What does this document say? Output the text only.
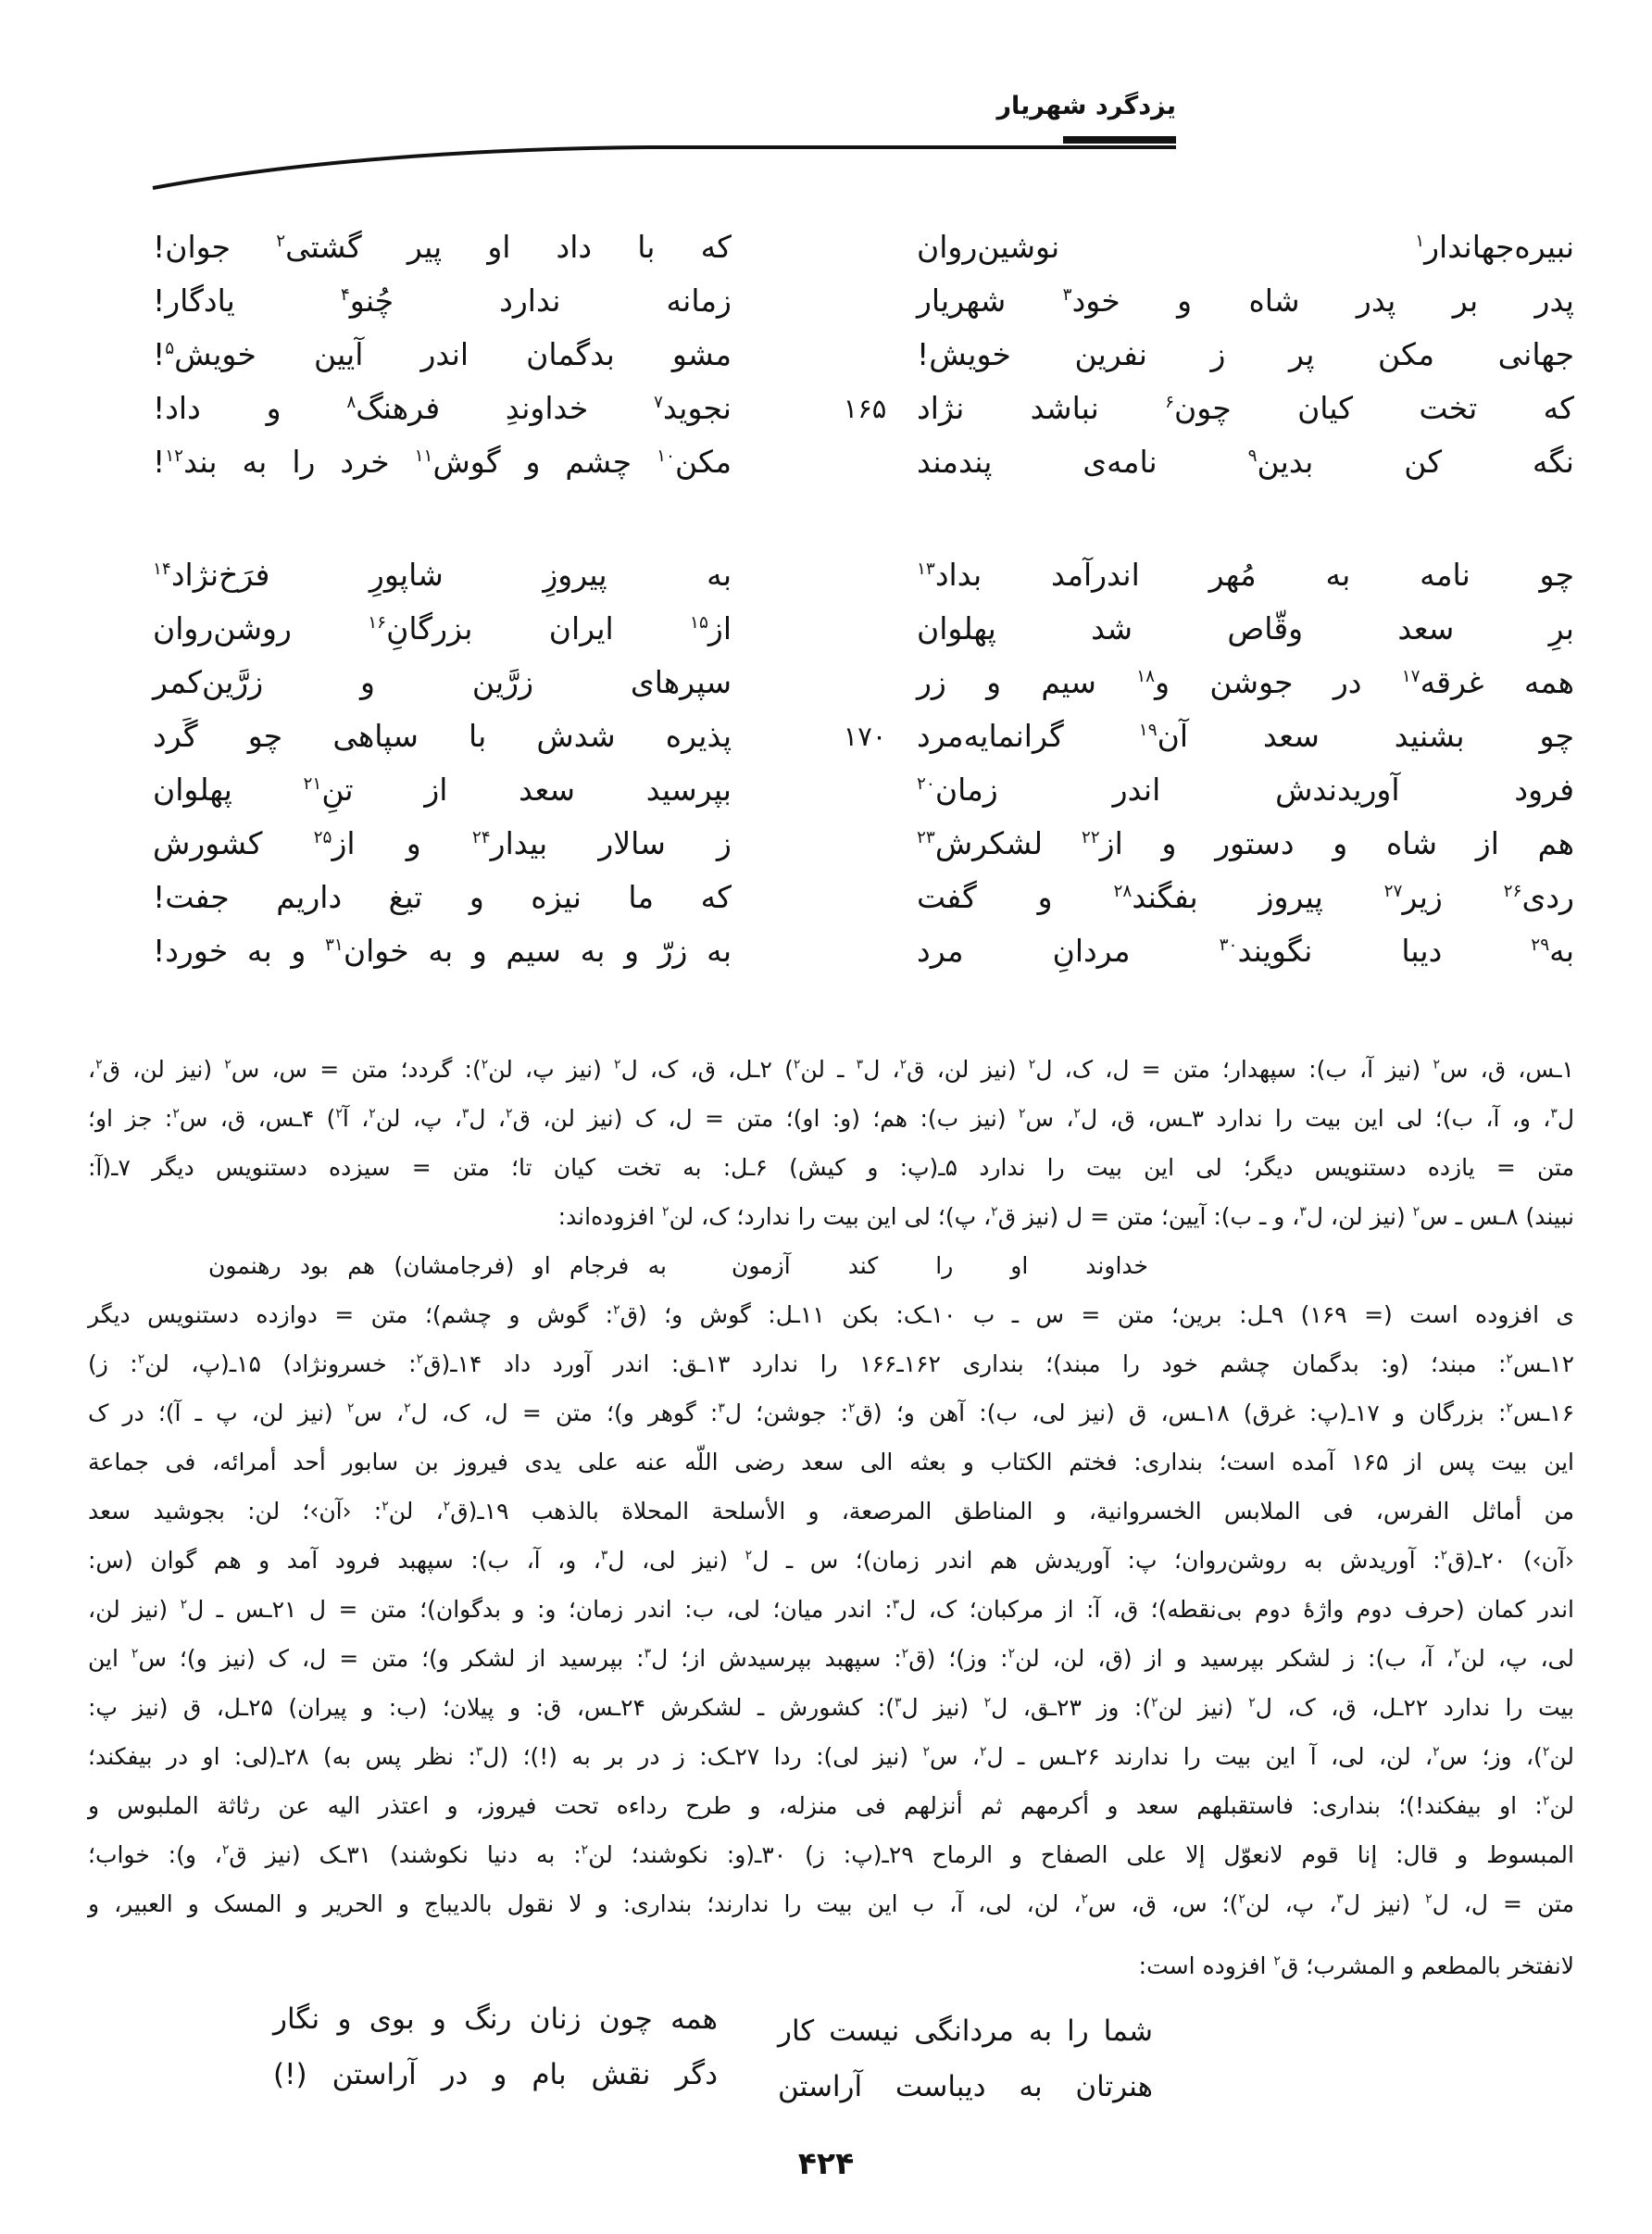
یزدگرد شهریار
نبیره‌جهاندار$^۱$ نوشین‌روان
پدر بر پدر شاه و خود$^۳$ شهریار
جهانی مکن پر ز نفرین خویش!
که تخت کیان چون$^۶$ نباشد نژاد
نگه کن بدین$^۹$ نامه‌ی پندمند
که با داد او پیر گشتی$^۲$ جوان!
زمانه ندارد چُنو$^۴$ یادگار!
مشو بدگمان اندر آیین خویش$^۵$!
نجوید$^۷$ خداوندِ فرهنگ$^۸$ و داد!
مکن$^{۱۰}$ چشم و گوش$^{۱۱}$ خرد را به بند$^{۱۲}$!
چو نامه به مُهر اندرآمد بداد$^{۱۳}$
برِ سعد وقّاص شد پهلوان
همه غرقه$^{۱۷}$ در جوشن و$^{۱۸}$ سیم و زر
چو بشنید سعد آن$^{۱۹}$ گرانمایه‌مرد
فرود آوریدندش اندر زمان$^{۲۰}$
هم از شاه و دستور و از$^{۲۲}$ لشکرش$^{۲۳}$
ردی$^{۲۶}$ زیر$^{۲۷}$ پیروز بفگند$^{۲۸}$ و گفت
به$^{۲۹}$ دیبا نگویند$^{۳۰}$ مردانِ مرد
به پیروزِ شاپورِ فرَخ‌نژاد$^{۱۴}$
از$^{۱۵}$ ایران بزرگانِ$^{۱۶}$ روشن‌روان
سپرهای زرَّین و زرَّین‌کمر
پذیره شدش با سپاهی چو گَرد
بپرسید سعد از تنِ$^{۲۱}$ پهلوان
ز سالار بیدار$^{۲۴}$ و از$^{۲۵}$ کشورش
که ما نیزه و تیغ داریم جفت!
به زرّ و به سیم و به خوان$^{۳۱}$ و به خورد!
۱۶۵
۱۷۰
۱ـس، ق، س$^۲$ (نیز آ، ب): سپهدار؛ متن = ل، ک، ل$^۲$ (نیز لن، ق$^۲$، ل$^۳$ ـ لن$^۲$) ۲ـل، ق، ک، ل$^۲$ (نیز پ، لن$^۲$): گردد؛ متن = س، س$^۲$ (نیز لن، ق$^۲$،
ل$^۳$، و، آ، ب)؛ لی این بیت را ندارد ۳ـس، ق، ل$^۲$، س$^۲$ (نیز ب): هم؛ (و: او)؛ متن = ل، ک (نیز لن، ق$^۲$، ل$^۳$، پ، لن$^۲$، آ$^۲$) ۴ـس، ق، س$^۲$: جز او؛
متن = یازده دستنویس دیگر؛ لی این بیت را ندارد ۵ـ(پ: و کیش) ۶ـل: به تخت کیان تا؛ متن = سیزده دستنویس دیگر ۷ـ(آ:
نبیند) ۸ـس ـ س$^۲$ (نیز لن، ل$^۳$، و ـ ب): آیین؛ متن = ل (نیز ق$^۲$، پ)؛ لی این بیت را ندارد؛ ک، لن$^۲$ افزوده‌اند:
خداوند او را کند آزمون
به فرجام او (فرجامشان) هم بود رهنمون
ی افزوده است (= ۱۶۹) ۹ـل: برین؛ متن = س ـ ب ۱۰ـک: بکن ۱۱ـل: گوش و؛ (ق$^۲$: گوش و چشم)؛ متن = دوازده دستنویس دیگر
۱۲ـس$^۲$: مبند؛ (و: بدگمان چشم خود را مبند)؛ بنداری ۱۶۲ـ۱۶۶ را ندارد ۱۳ـق: اندر آورد داد ۱۴ـ(ق$^۲$: خسرونژاد) ۱۵ـ(پ، لن$^۲$: ز)
۱۶ـس$^۲$: بزرگان و ۱۷ـ(پ: غرق) ۱۸ـس، ق (نیز لی، ب): آهن و؛ (ق$^۲$: جوشن؛ ل$^۳$: گوهر و)؛ متن = ل، ک، ل$^۲$، س$^۲$ (نیز لن، پ ـ آ)؛ در ک
این بیت پس از ۱۶۵ آمده است؛ بنداری: فختم الکتاب و بعثه الی سعد رضی اللّه عنه علی یدی فیروز بن سابور أحد أمرائه، فی جماعة
من أماثل الفرس، فی الملابس الخسروانیة، و المناطق المرصعة، و الأسلحة المحلاة بالذهب ۱۹ـ(ق$^۲$، لن$^۲$: ‹آن›؛ لن: بجوشید سعد
‹آن›) ۲۰ـ(ق$^۲$: آوریدش به روشن‌روان؛ پ: آوریدش هم اندر زمان)؛ س ـ ل$^۲$ (نیز لی، ل$^۳$، و، آ، ب): سپهبد فرود آمد و هم گوان (س:
اندر کمان (حرف دوم واژهٔ دوم بی‌نقطه)؛ ق، آ: از مرکبان؛ ک، ل$^۳$: اندر میان؛ لی، ب: اندر زمان؛ و: و بدگوان)؛ متن = ل ۲۱ـس ـ ل$^۲$ (نیز لن،
لی، پ، لن$^۲$، آ، ب): ز لشکر بپرسید و از (ق، لن، لن$^۲$: وز)؛ (ق$^۲$: سپهبد بپرسیدش از؛ ل$^۳$: بپرسید از لشکر و)؛ متن = ل، ک (نیز و)؛ س$^۲$ این
بیت را ندارد ۲۲ـل، ق، ک، ل$^۲$ (نیز لن$^۲$): وز ۲۳ـق، ل$^۲$ (نیز ل$^۳$): کشورش ـ لشکرش ۲۴ـس، ق: و پیلان؛ (ب: و پیران) ۲۵ـل، ق (نیز پ:
لن$^۲$)، وز؛ س$^۲$، لن، لی، آ این بیت را ندارند ۲۶ـس ـ ل$^۲$، س$^۲$ (نیز لی): ردا ۲۷ـک: ز در بر به (!)؛ (ل$^۳$: نظر پس به) ۲۸ـ(لی: او در بیفکند؛
لن$^۲$: او بیفکند!)؛ بنداری: فاستقبلهم سعد و أکرمهم ثم أنزلهم فی منزله، و طرح رداءه تحت فیروز، و اعتذر الیه عن رثاثة الملبوس و
المبسوط و قال: إنا قوم لانعوّل إلا علی الصفاح و الرماح ۲۹ـ(پ: ز) ۳۰ـ(و: نکوشند؛ لن$^۲$: به دنیا نکوشند) ۳۱ـک (نیز ق$^۲$، و): خواب؛
متن = ل، ل$^۲$ (نیز ل$^۳$، پ، لن$^۲$)؛ س، ق، س$^۲$، لن، لی، آ، ب این بیت را ندارند؛ بنداری: و لا نقول بالدیباج و الحریر و المسک و العبیر، و
لانفتخر بالمطعم و المشرب؛ ق$^۲$ افزوده است:
شما را به مردانگی نیست کار
هنرتان به دیباست آراستن
همه چون زنان رنگ و بوی و نگار
دگر نقش بام و در آراستن (!)
۴۲۴
